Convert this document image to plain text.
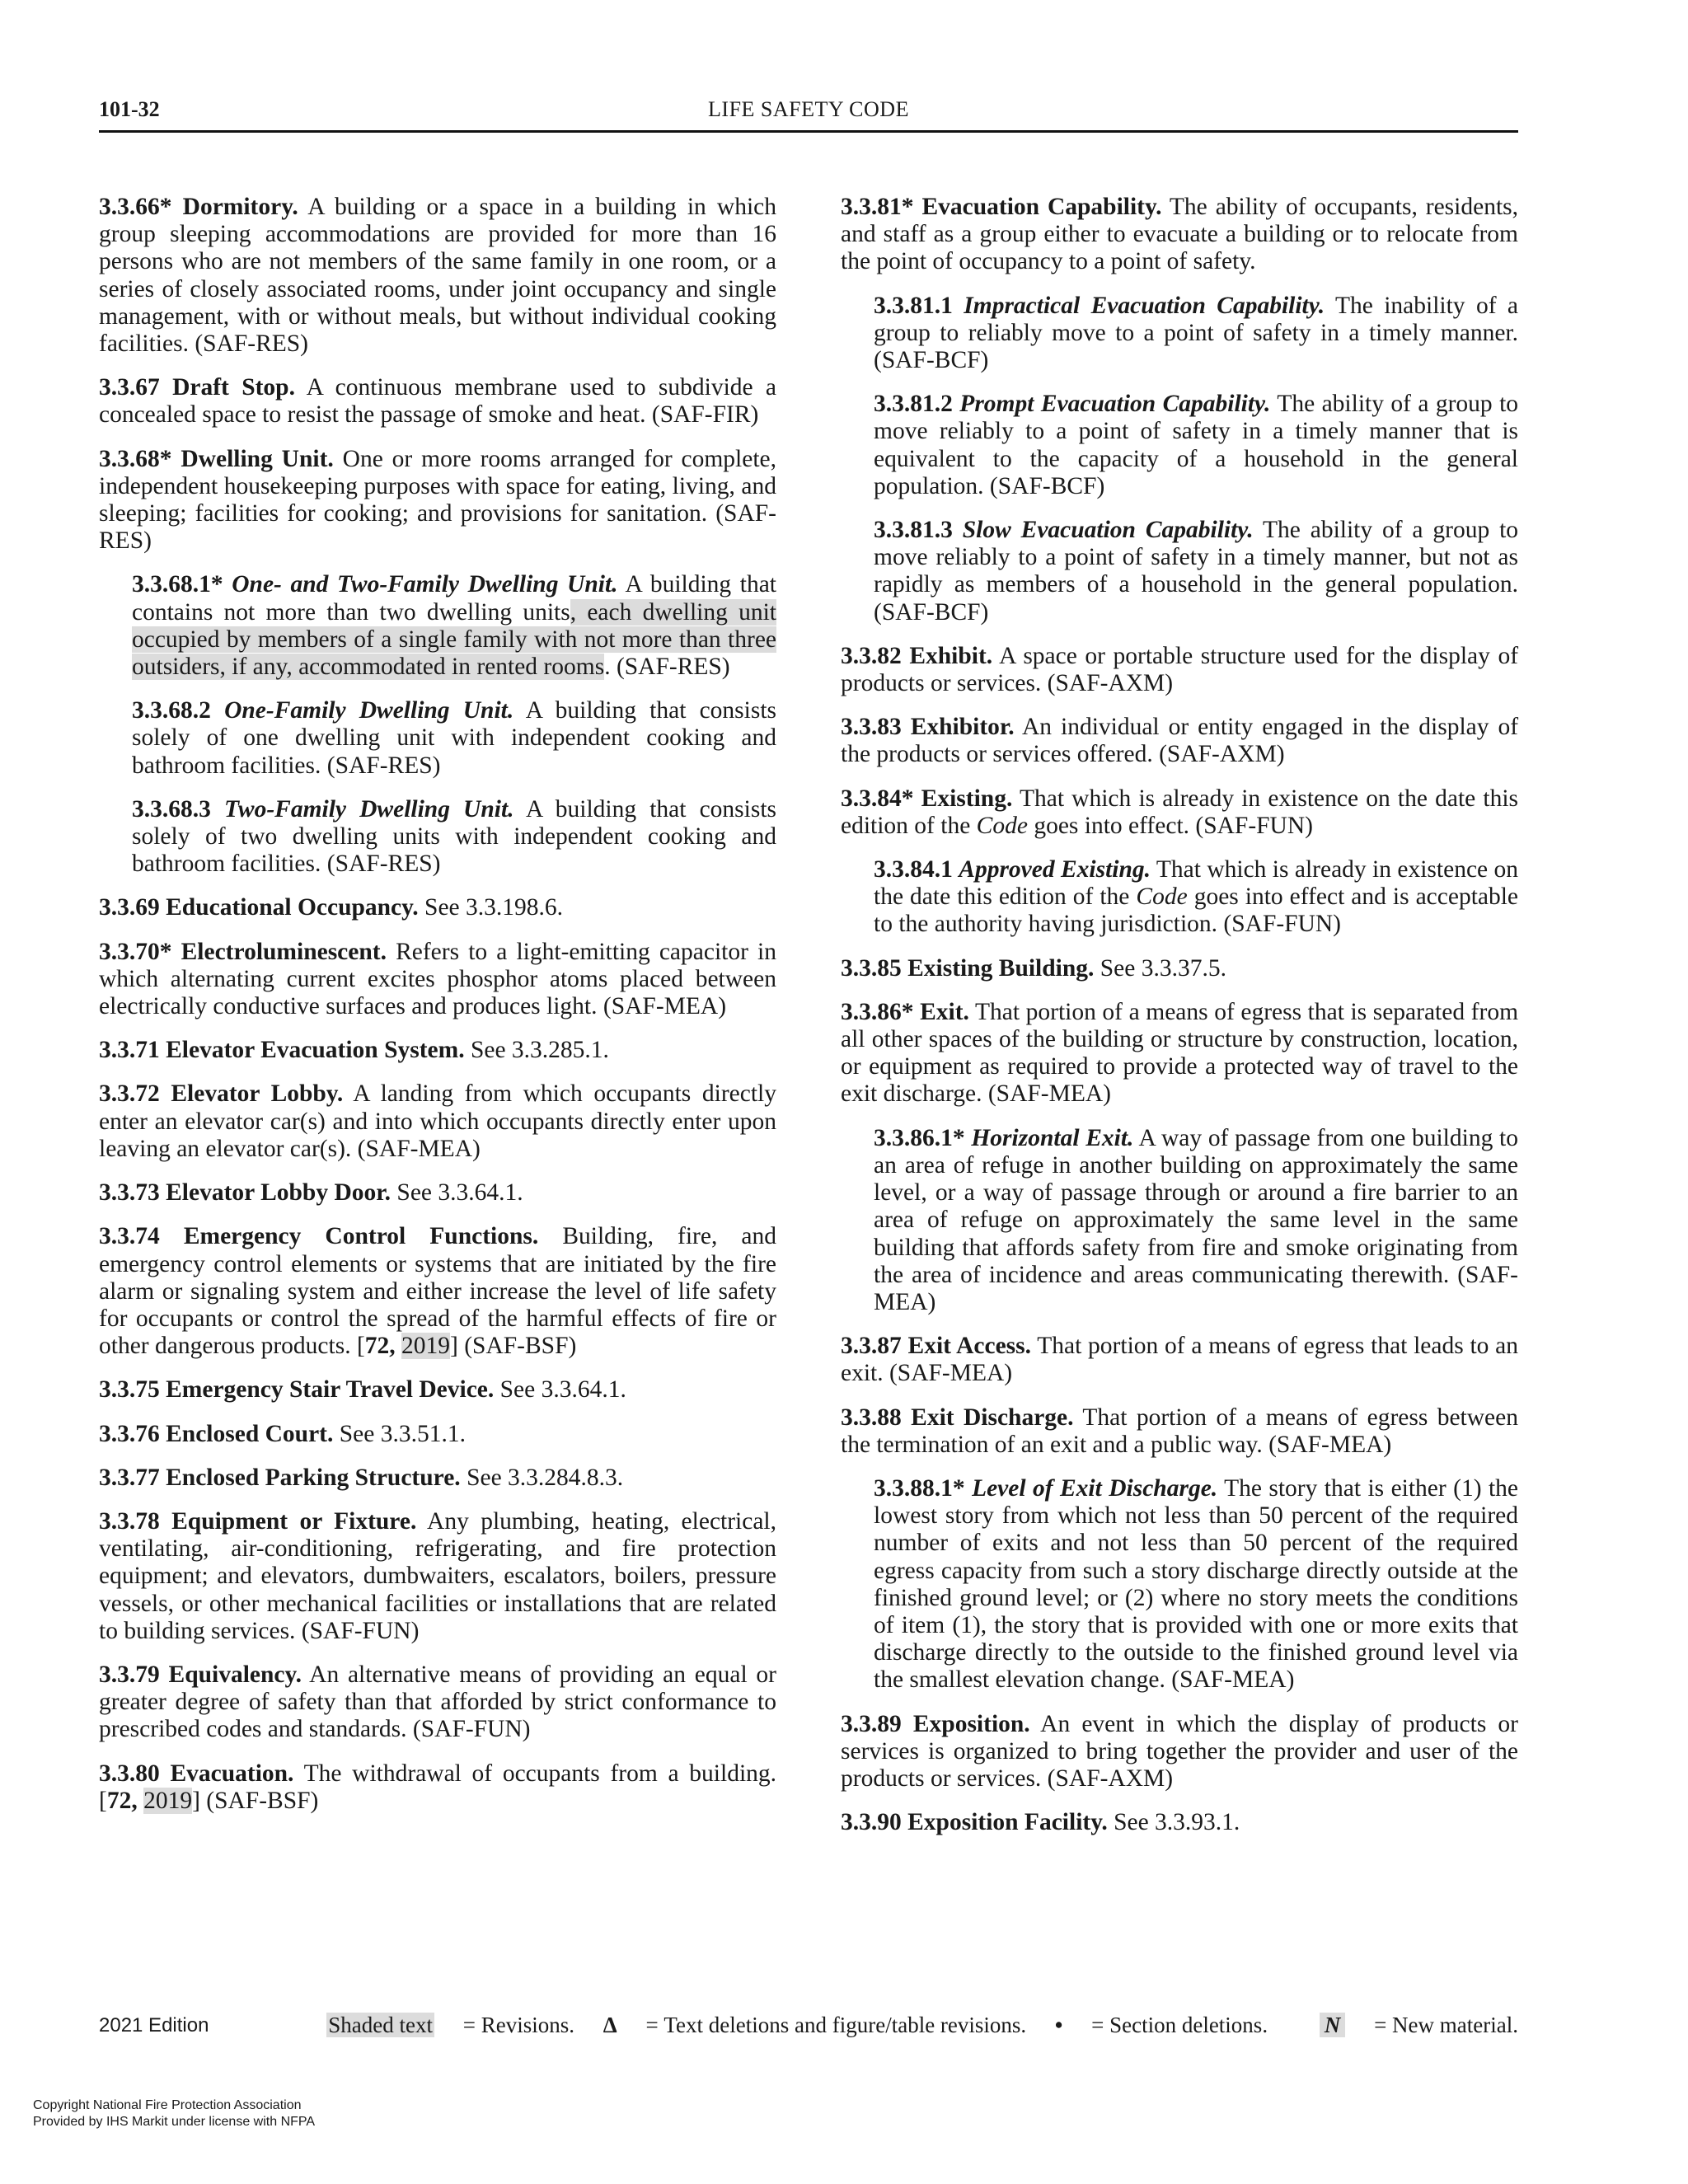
101-32	LIFE SAFETY CODE

3.3.66* Dormitory. A building or a space in a building in which group sleeping accommodations are provided for more than 16 persons who are not members of the same family in one room, or a series of closely associated rooms, under joint occupancy and single management, with or without meals, but without individual cooking facilities. (SAF-RES)

3.3.67 Draft Stop. A continuous membrane used to subdivide a concealed space to resist the passage of smoke and heat. (SAF-FIR)

3.3.68* Dwelling Unit. One or more rooms arranged for complete, independent housekeeping purposes with space for eating, living, and sleeping; facilities for cooking; and provisions for sanitation. (SAF-RES)

3.3.68.1* One- and Two-Family Dwelling Unit. A building that contains not more than two dwelling units, each dwelling unit occupied by members of a single family with not more than three outsiders, if any, accommodated in rented rooms. (SAF-RES)

3.3.68.2 One-Family Dwelling Unit. A building that consists solely of one dwelling unit with independent cooking and bathroom facilities. (SAF-RES)

3.3.68.3 Two-Family Dwelling Unit. A building that consists solely of two dwelling units with independent cooking and bathroom facilities. (SAF-RES)

3.3.69 Educational Occupancy. See 3.3.198.6.

3.3.70* Electroluminescent. Refers to a light-emitting capacitor in which alternating current excites phosphor atoms placed between electrically conductive surfaces and produces light. (SAF-MEA)

3.3.71 Elevator Evacuation System. See 3.3.285.1.

3.3.72 Elevator Lobby. A landing from which occupants directly enter an elevator car(s) and into which occupants directly enter upon leaving an elevator car(s). (SAF-MEA)

3.3.73 Elevator Lobby Door. See 3.3.64.1.

3.3.74 Emergency Control Functions. Building, fire, and emergency control elements or systems that are initiated by the fire alarm or signaling system and either increase the level of life safety for occupants or control the spread of the harmful effects of fire or other dangerous products. [72, 2019] (SAF-BSF)

3.3.75 Emergency Stair Travel Device. See 3.3.64.1.

3.3.76 Enclosed Court. See 3.3.51.1.

3.3.77 Enclosed Parking Structure. See 3.3.284.8.3.

3.3.78 Equipment or Fixture. Any plumbing, heating, electrical, ventilating, air-conditioning, refrigerating, and fire protection equipment; and elevators, dumbwaiters, escalators, boilers, pressure vessels, or other mechanical facilities or installations that are related to building services. (SAF-FUN)

3.3.79 Equivalency. An alternative means of providing an equal or greater degree of safety than that afforded by strict conformance to prescribed codes and standards. (SAF-FUN)

3.3.80 Evacuation. The withdrawal of occupants from a building. [72, 2019] (SAF-BSF)

3.3.81* Evacuation Capability. The ability of occupants, residents, and staff as a group either to evacuate a building or to relocate from the point of occupancy to a point of safety.

3.3.81.1 Impractical Evacuation Capability. The inability of a group to reliably move to a point of safety in a timely manner. (SAF-BCF)

3.3.81.2 Prompt Evacuation Capability. The ability of a group to move reliably to a point of safety in a timely manner that is equivalent to the capacity of a household in the general population. (SAF-BCF)

3.3.81.3 Slow Evacuation Capability. The ability of a group to move reliably to a point of safety in a timely manner, but not as rapidly as members of a household in the general population. (SAF-BCF)

3.3.82 Exhibit. A space or portable structure used for the display of products or services. (SAF-AXM)

3.3.83 Exhibitor. An individual or entity engaged in the display of the products or services offered. (SAF-AXM)

3.3.84* Existing. That which is already in existence on the date this edition of the Code goes into effect. (SAF-FUN)

3.3.84.1 Approved Existing. That which is already in existence on the date this edition of the Code goes into effect and is acceptable to the authority having jurisdiction. (SAF-FUN)

3.3.85 Existing Building. See 3.3.37.5.

3.3.86* Exit. That portion of a means of egress that is separated from all other spaces of the building or structure by construction, location, or equipment as required to provide a protected way of travel to the exit discharge. (SAF-MEA)

3.3.86.1* Horizontal Exit. A way of passage from one building to an area of refuge in another building on approximately the same level, or a way of passage through or around a fire barrier to an area of refuge on approximately the same level in the same building that affords safety from fire and smoke originating from the area of incidence and areas communicating therewith. (SAF-MEA)

3.3.87 Exit Access. That portion of a means of egress that leads to an exit. (SAF-MEA)

3.3.88 Exit Discharge. That portion of a means of egress between the termination of an exit and a public way. (SAF-MEA)

3.3.88.1* Level of Exit Discharge. The story that is either (1) the lowest story from which not less than 50 percent of the required number of exits and not less than 50 percent of the required egress capacity from such a story discharge directly outside at the finished ground level; or (2) where no story meets the conditions of item (1), the story that is provided with one or more exits that discharge directly to the outside to the finished ground level via the smallest elevation change. (SAF-MEA)

3.3.89 Exposition. An event in which the display of products or services is organized to bring together the provider and user of the products or services. (SAF-AXM)

3.3.90 Exposition Facility. See 3.3.93.1.

2021 Edition	Shaded text = Revisions. Δ = Text deletions and figure/table revisions. • = Section deletions.	N = New material.
Copyright National Fire Protection Association
Provided by IHS Markit under license with NFPA
